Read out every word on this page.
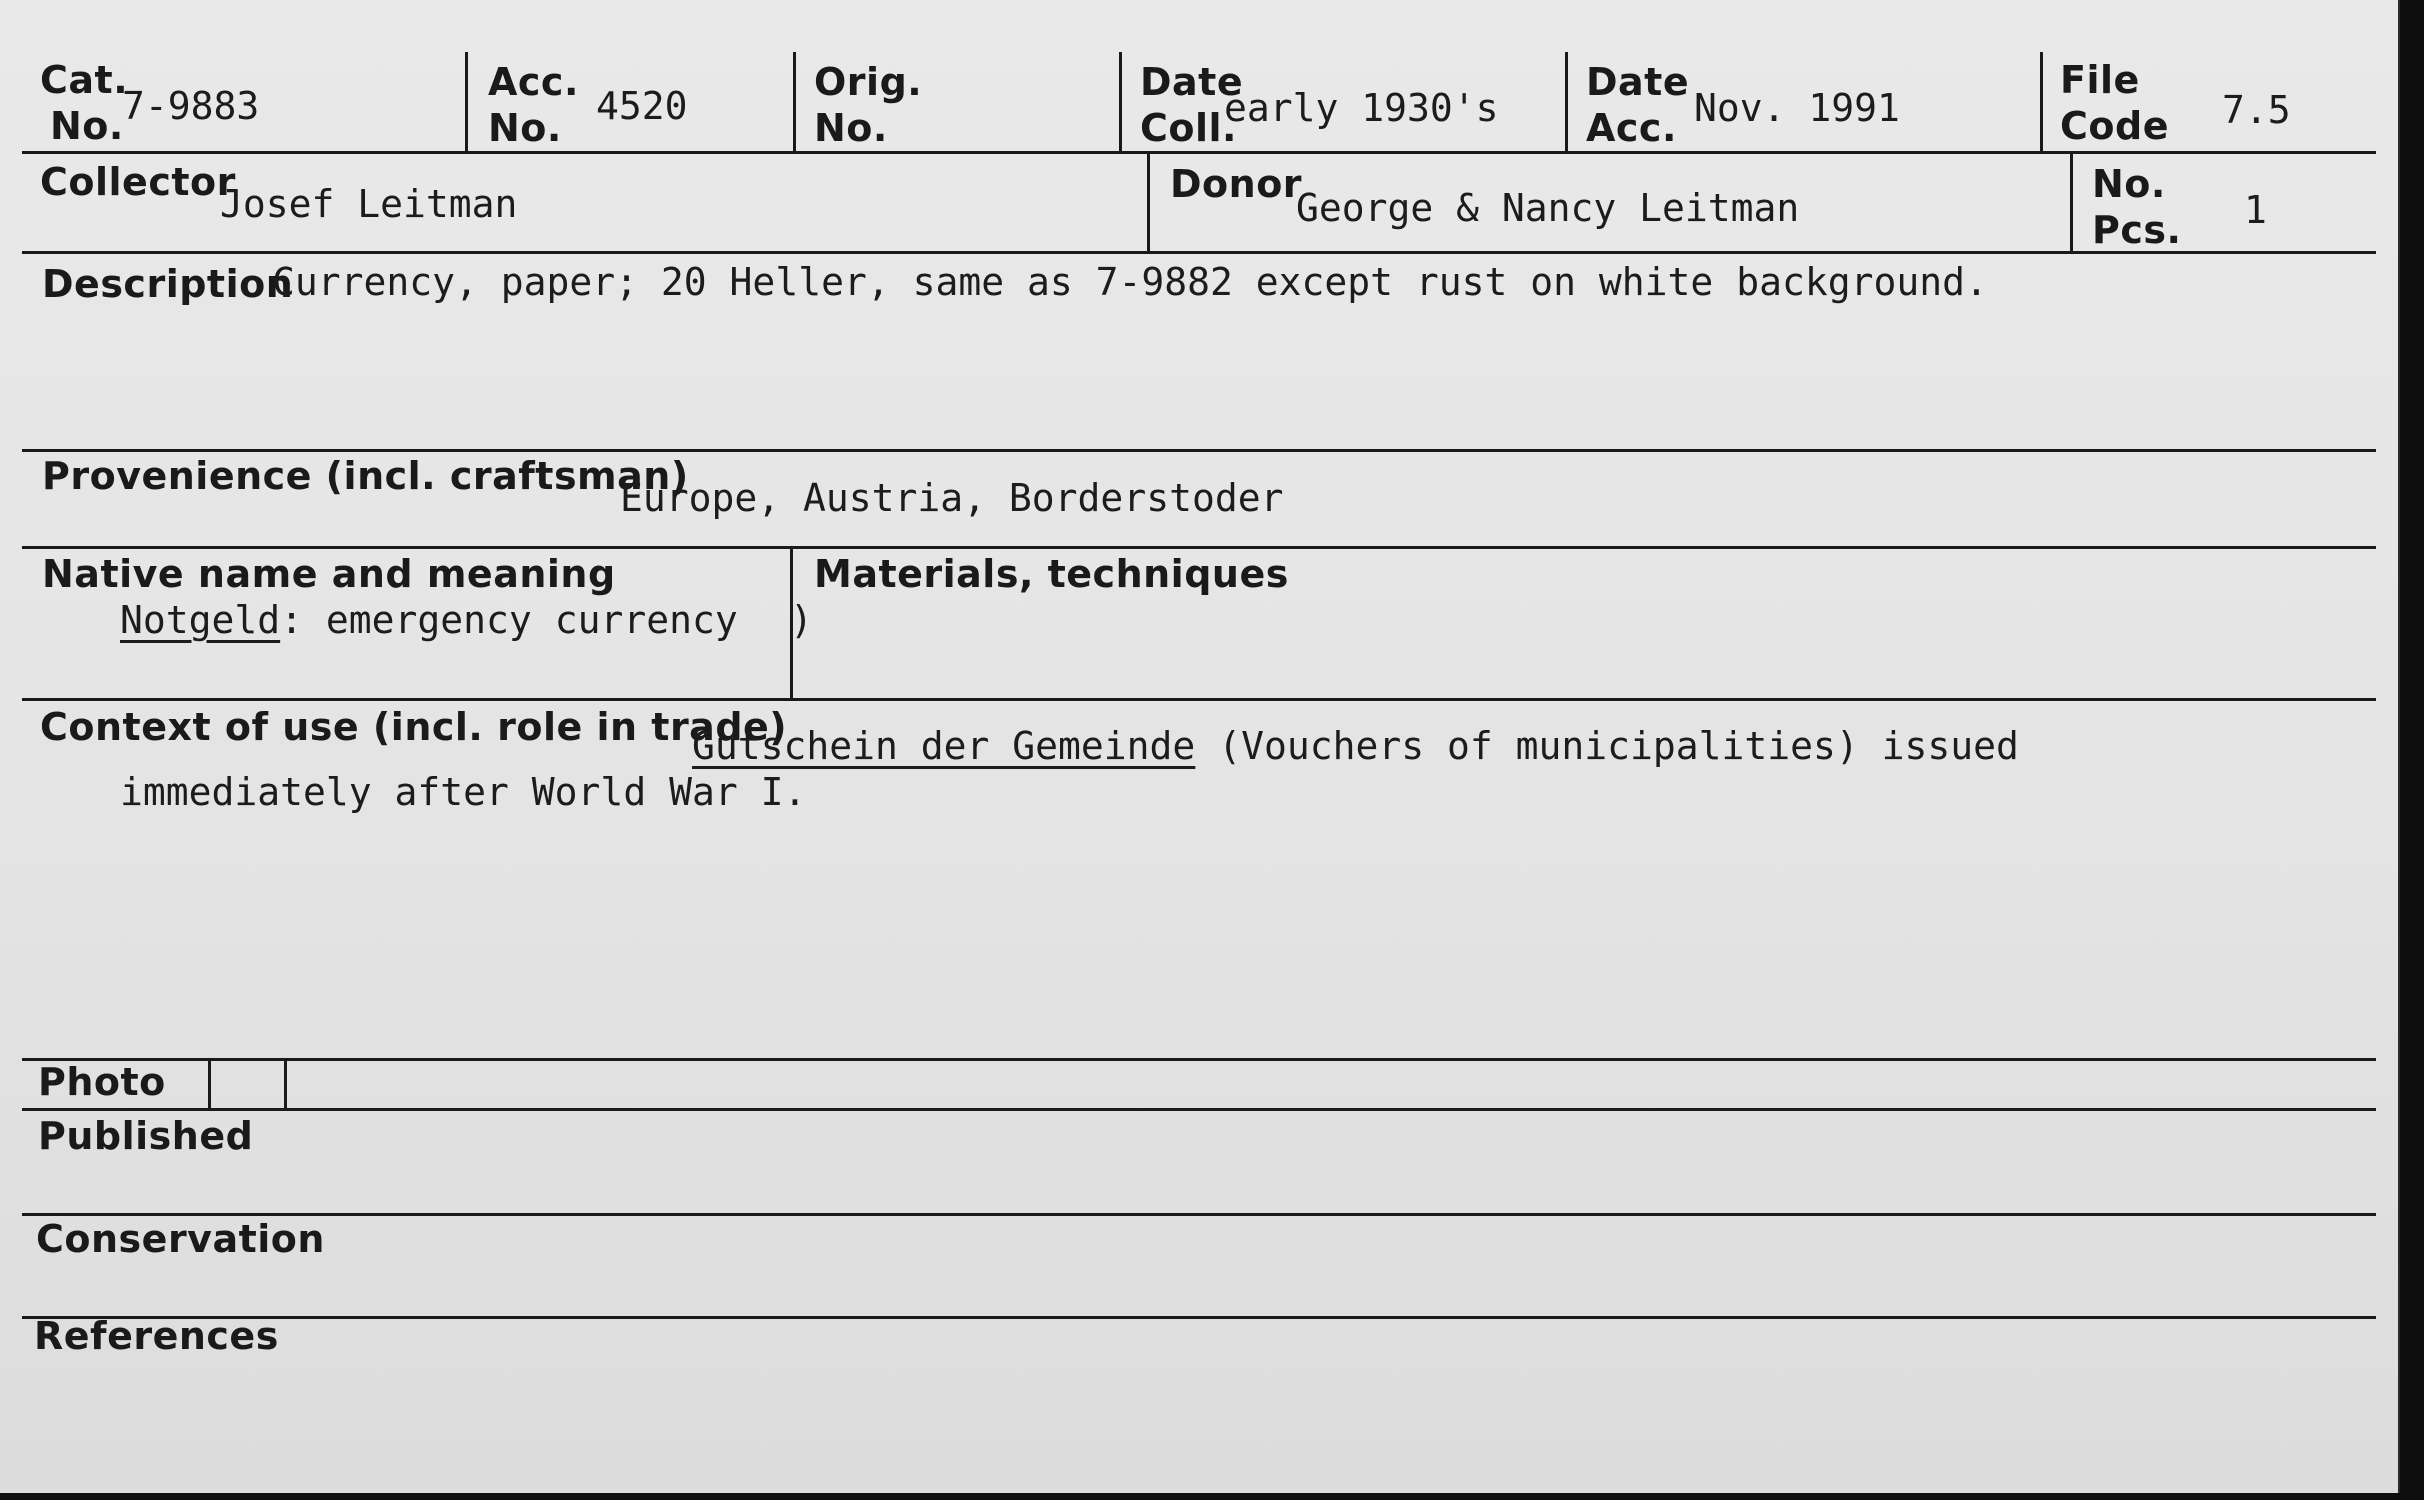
Cat.
No.
7-9883
Acc.
No. 4520
Orig.
No.
Date
Coll.
early 1930's
Date
Acc. Nov. 1991
File
Code 7.5
Collector
Josef Leitman	Donor
George & Nancy Leitman
No.
Pcs. 1
Description
Currency, paper; 20 Heller, same as 7-9882 except rust on white background.
Provenience (incl. craftsman)
Europe, Austria, Borderstoder
Native name and meaning
Notgeld: emergency currency )
Materials, techniques
Context of use (incl. role in trade)
Gutschein der Gemeinde (Vouchers of municipalities) issued
immediately after World War I.
Photo
Published
Conservation
References
